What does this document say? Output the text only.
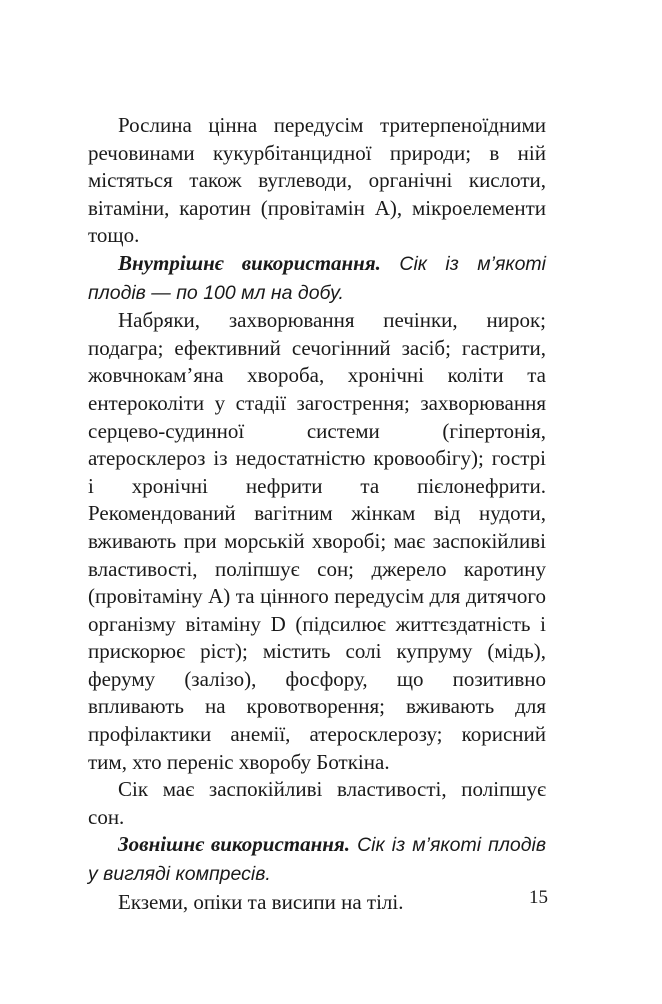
Рослина цінна передусім тритерпеноїдними речовинами кукурбітанцидної природи; в ній містяться також вуглеводи, органічні кислоти, вітаміни, каротин (провітамін А), мікроелементи тощо.

Внутрішнє використання. Сік із м’якоті плодів — по 100 мл на добу.

Набряки, захворювання печінки, нирок; подагра; ефективний сечогінний засіб; гастрити, жовчнокам’яна хвороба, хронічні коліти та ентероколіти у стадії загострення; захворювання серцево-судинної системи (гіпертонія, атеросклероз із недостатністю кровообігу); гострі і хронічні нефрити та пієлонефрити. Рекомендований вагітним жінкам від нудоти, вживають при морській хворобі; має заспокійливі властивості, поліпшує сон; джерело каротину (провітаміну А) та цінного передусім для дитячого організму вітаміну D (підсилює життєздатність і прискорює ріст); містить солі купруму (мідь), феруму (залізо), фосфору, що позитивно впливають на кровотворення; вживають для профілактики анемії, атеросклерозу; корисний тим, хто переніс хворобу Боткіна.

Сік має заспокійливі властивості, поліпшує сон.

Зовнішнє використання. Сік із м’якоті плодів у вигляді компресів.

Екземи, опіки та висипи на тілі.	15
